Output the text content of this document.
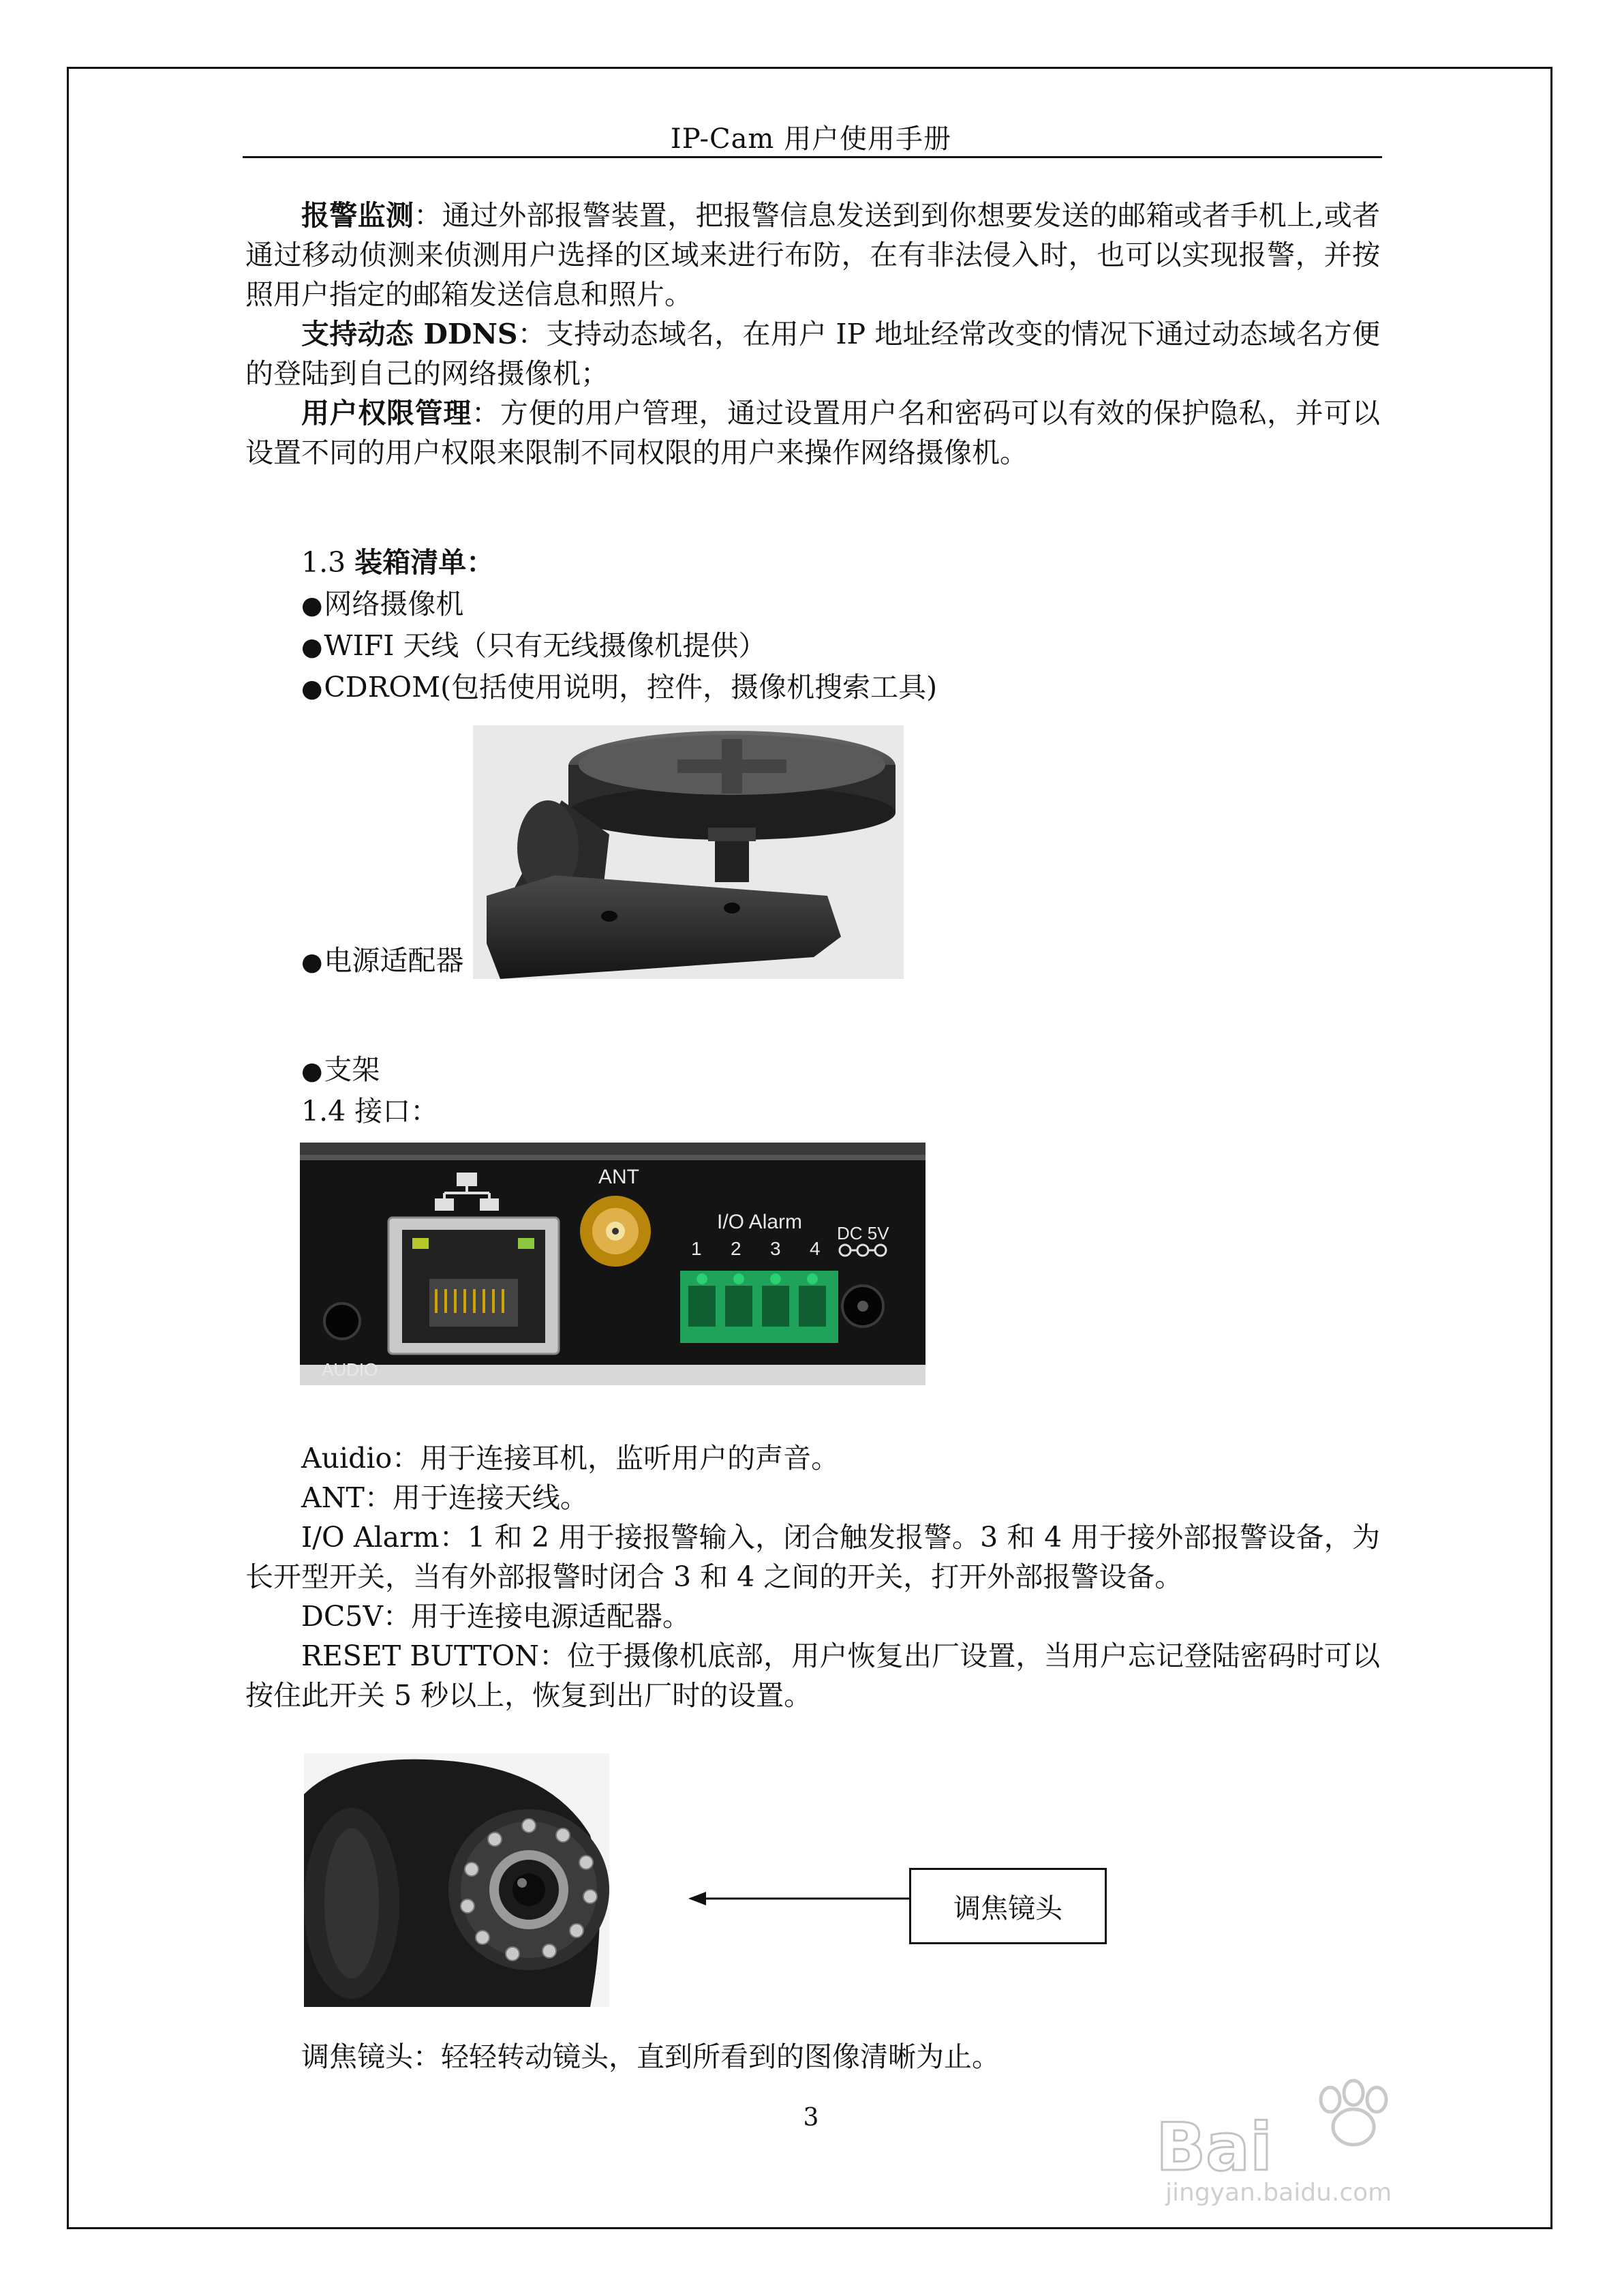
IP-Cam 用户使用手册

报警监测：通过外部报警装置，把报警信息发送到到你想要发送的邮箱或者手机上,或者通过移动侦测来侦测用户选择的区域来进行布防，在有非法侵入时，也可以实现报警，并按照用户指定的邮箱发送信息和照片。

支持动态 DDNS：支持动态域名，在用户 IP 地址经常改变的情况下通过动态域名方便的登陆到自己的网络摄像机；

用户权限管理：方便的用户管理，通过设置用户名和密码可以有效的保护隐私，并可以设置不同的用户权限来限制不同权限的用户来操作网络摄像机。

1.3 装箱清单：
●网络摄像机
●WIFI 天线（只有无线摄像机提供）
●CDROM(包括使用说明，控件，摄像机搜索工具)
●电源适配器
●支架
1.4 接口：
ANT
I/O Alarm
1	2	3	4
DC 5V
AUDIO

Auidio：用于连接耳机，监听用户的声音。

ANT：用于连接天线。

I/O Alarm：1 和 2 用于接报警输入，闭合触发报警。3 和 4 用于接外部报警设备，为长开型开关，当有外部报警时闭合 3 和 4 之间的开关，打开外部报警设备。

DC5V：用于连接电源适配器。

RESET BUTTON：位于摄像机底部，用户恢复出厂设置，当用户忘记登陆密码时可以按住此开关 5 秒以上，恢复到出厂时的设置。

调焦镜头

调焦镜头：轻轻转动镜头，直到所看到的图像清晰为止。

3	Bai
jingyan.baidu.com
